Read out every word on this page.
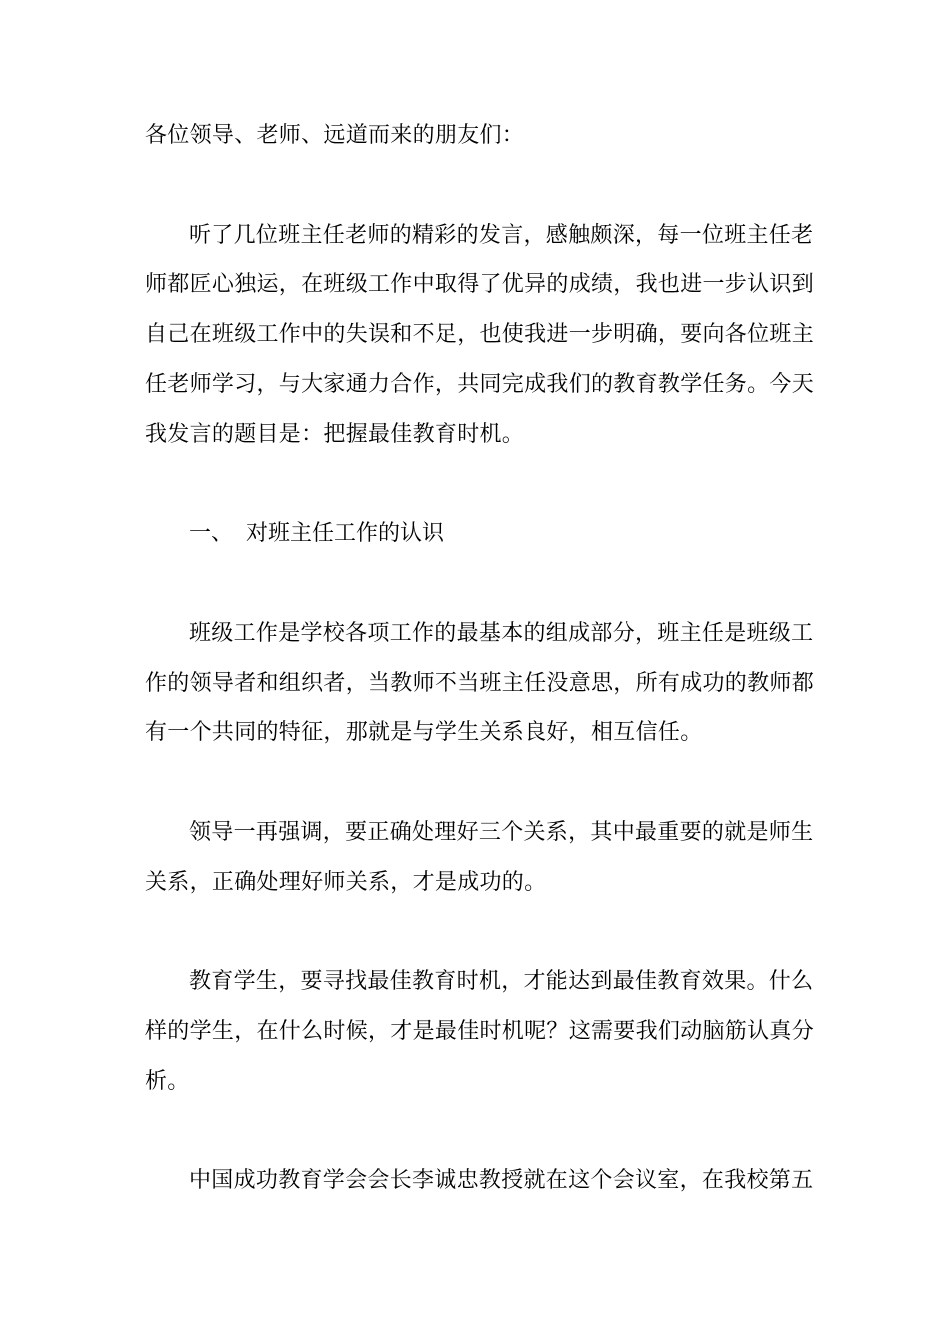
各位领导、老师、远道而来的朋友们：
听了几位班主任老师的精彩的发言，感触颇深，每一位班主任老
师都匠心独运，在班级工作中取得了优异的成绩，我也进一步认识到
自己在班级工作中的失误和不足，也使我进一步明确，要向各位班主
任老师学习，与大家通力合作，共同完成我们的教育教学任务。今天
我发言的题目是：把握最佳教育时机。
一、 对班主任工作的认识
班级工作是学校各项工作的最基本的组成部分，班主任是班级工
作的领导者和组织者，当教师不当班主任没意思，所有成功的教师都
有一个共同的特征，那就是与学生关系良好，相互信任。
领导一再强调，要正确处理好三个关系，其中最重要的就是师生
关系，正确处理好师关系，才是成功的。
教育学生，要寻找最佳教育时机，才能达到最佳教育效果。什么
样的学生，在什么时候，才是最佳时机呢？这需要我们动脑筋认真分
析。
中国成功教育学会会长李诚忠教授就在这个会议室，在我校第五
